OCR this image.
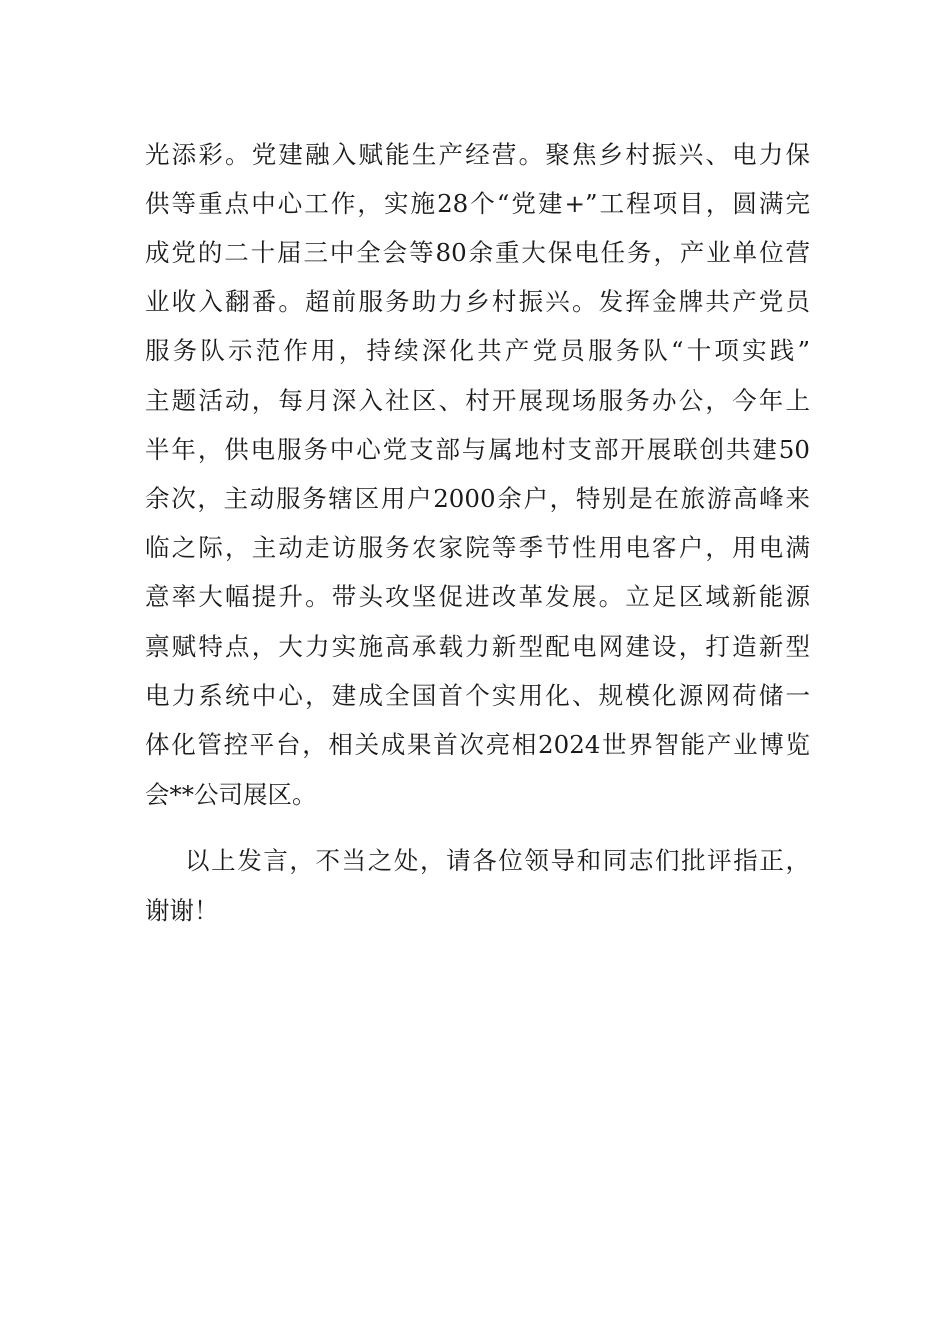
光添彩。党建融入赋能生产经营。聚焦乡村振兴、电力保
供等重点中心工作，实施28个“党建+”工程项目，圆满完
成党的二十届三中全会等80余重大保电任务，产业单位营
业收入翻番。超前服务助力乡村振兴。发挥金牌共产党员
服务队示范作用，持续深化共产党员服务队“十项实践”
主题活动，每月深入社区、村开展现场服务办公，今年上
半年，供电服务中心党支部与属地村支部开展联创共建50
余次，主动服务辖区用户2000余户，特别是在旅游高峰来
临之际，主动走访服务农家院等季节性用电客户，用电满
意率大幅提升。带头攻坚促进改革发展。立足区域新能源
禀赋特点，大力实施高承载力新型配电网建设，打造新型
电力系统中心，建成全国首个实用化、规模化源网荷储一
体化管控平台，相关成果首次亮相2024世界智能产业博览
会**公司展区。
以上发言，不当之处，请各位领导和同志们批评指正，
谢谢！
